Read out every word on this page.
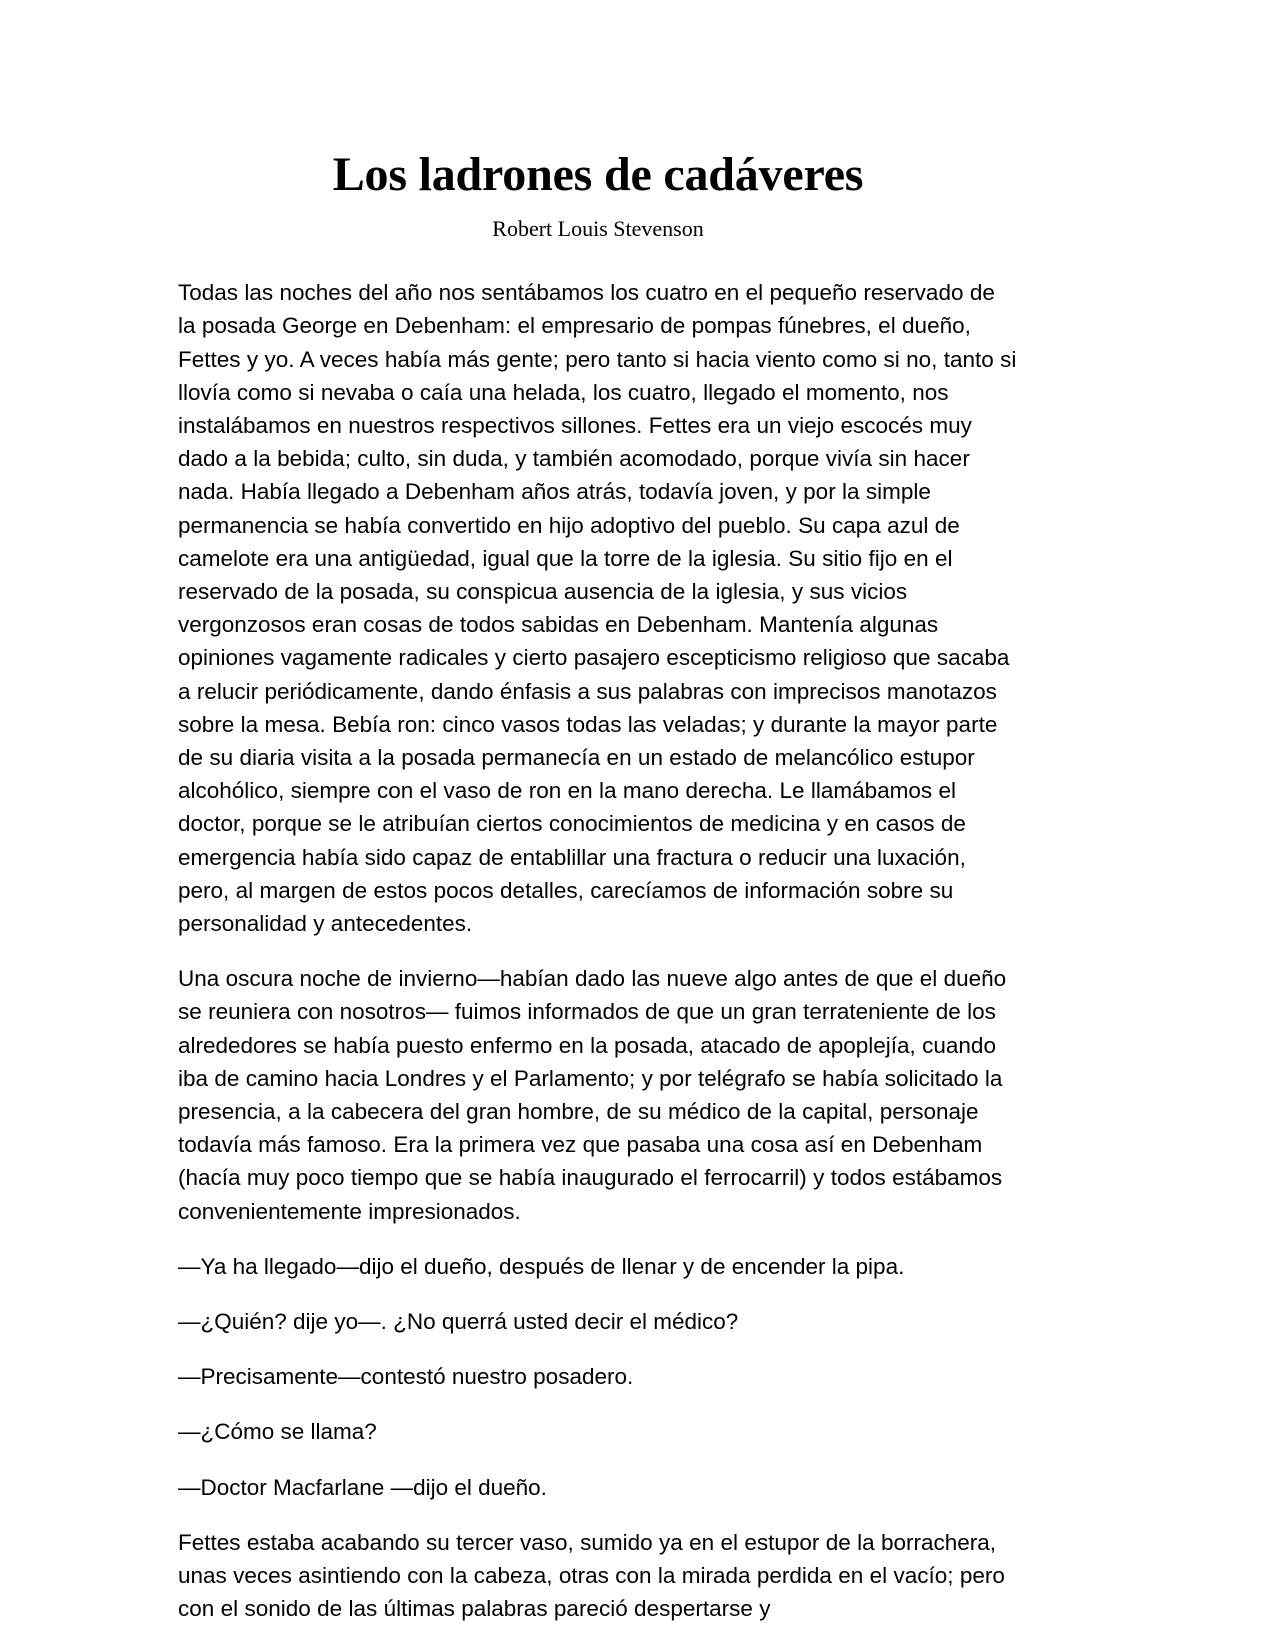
Los ladrones de cadáveres
Robert Louis Stevenson

Todas las noches del año nos sentábamos los cuatro en el pequeño reservado de la posada George en Debenham: el empresario de pompas fúnebres, el dueño, Fettes y yo. A veces había más gente; pero tanto si hacia viento como si no, tanto si llovía como si nevaba o caía una helada, los cuatro, llegado el momento, nos instalábamos en nuestros respectivos sillones. Fettes era un viejo escocés muy dado a la bebida; culto, sin duda, y también acomodado, porque vivía sin hacer nada. Había llegado a Debenham años atrás, todavía joven, y por la simple permanencia se había convertido en hijo adoptivo del pueblo. Su capa azul de camelote era una antigüedad, igual que la torre de la iglesia. Su sitio fijo en el reservado de la posada, su conspicua ausencia de la iglesia, y sus vicios vergonzosos eran cosas de todos sabidas en Debenham. Mantenía algunas opiniones vagamente radicales y cierto pasajero escepticismo religioso que sacaba a relucir periódicamente, dando énfasis a sus palabras con imprecisos manotazos sobre la mesa. Bebía ron: cinco vasos todas las veladas; y durante la mayor parte de su diaria visita a la posada permanecía en un estado de melancólico estupor alcohólico, siempre con el vaso de ron en la mano derecha. Le llamábamos el doctor, porque se le atribuían ciertos conocimientos de medicina y en casos de emergencia había sido capaz de entablillar una fractura o reducir una luxación, pero, al margen de estos pocos detalles, carecíamos de información sobre su personalidad y antecedentes.

Una oscura noche de invierno—habían dado las nueve algo antes de que el dueño se reuniera con nosotros— fuimos informados de que un gran terrateniente de los alrededores se había puesto enfermo en la posada, atacado de apoplejía, cuando iba de camino hacia Londres y el Parlamento; y por telégrafo se había solicitado la presencia, a la cabecera del gran hombre, de su médico de la capital, personaje todavía más famoso. Era la primera vez que pasaba una cosa así en Debenham (hacía muy poco tiempo que se había inaugurado el ferrocarril) y todos estábamos convenientemente impresionados.

—Ya ha llegado—dijo el dueño, después de llenar y de encender la pipa.

—¿Quién? dije yo—. ¿No querrá usted decir el médico?

—Precisamente—contestó nuestro posadero.

—¿Cómo se llama?

—Doctor Macfarlane —dijo el dueño.

Fettes estaba acabando su tercer vaso, sumido ya en el estupor de la borrachera, unas veces asintiendo con la cabeza, otras con la mirada perdida en el vacío; pero con el sonido de las últimas palabras pareció despertarse y
